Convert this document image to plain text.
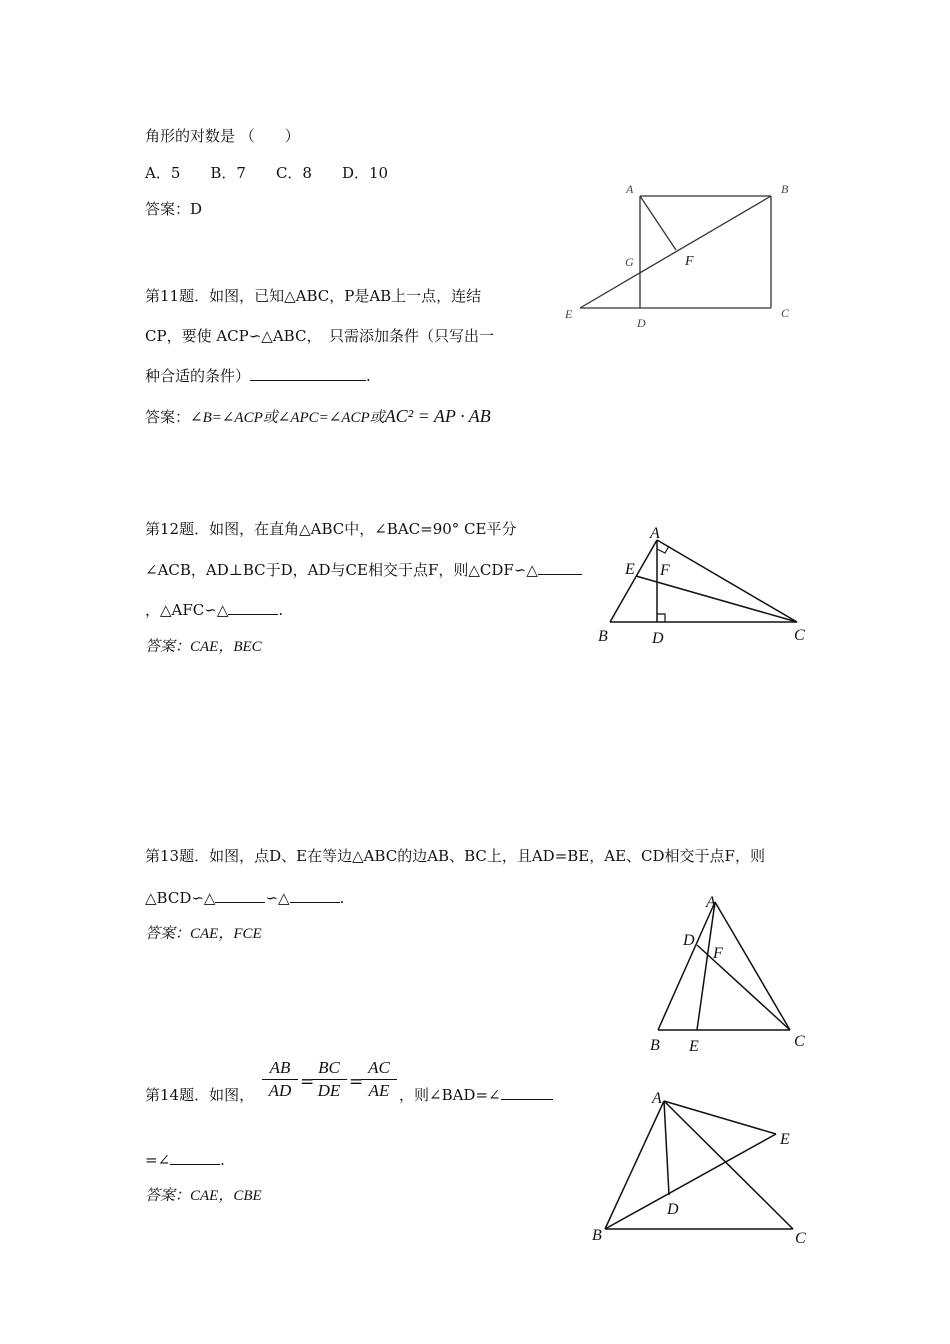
角形的对数是 （　　）
A．5　　B．7　　C．8　　D．10
答案：D
A	B
C
D
E
F
G
第11题．如图，已知△ABC，P是AB上一点，连结
CP，要使 ACP∽△ABC，　只需添加条件（只写出一
种合适的条件）	.
答案：∠B=∠ACP或∠APC=∠ACP或AC² = AP · AB
第12题．如图，在直角△ABC中，∠BAC=90° CE平分
∠ACB，AD⊥BC于D，AD与CE相交于点F，则△CDF∽△
，△AFC∽△	.
答案：CAE，BEC
A
B	C
D
E F
第13题．如图，点D、E在等边△ABC的边AB、BC上，且AD=BE，AE、CD相交于点F，则
△BCD∽△	∽△	.
答案：CAE，FCE
A
B	C
D
E
F
第14题．如图， $\frac{AB}{AD}$ =
$\frac{BC}{DE}$ =
$\frac{AC}{AE}$ ，则∠BAD=∠
=∠	.
答案：CAE，CBE
A
B	C
D
E
